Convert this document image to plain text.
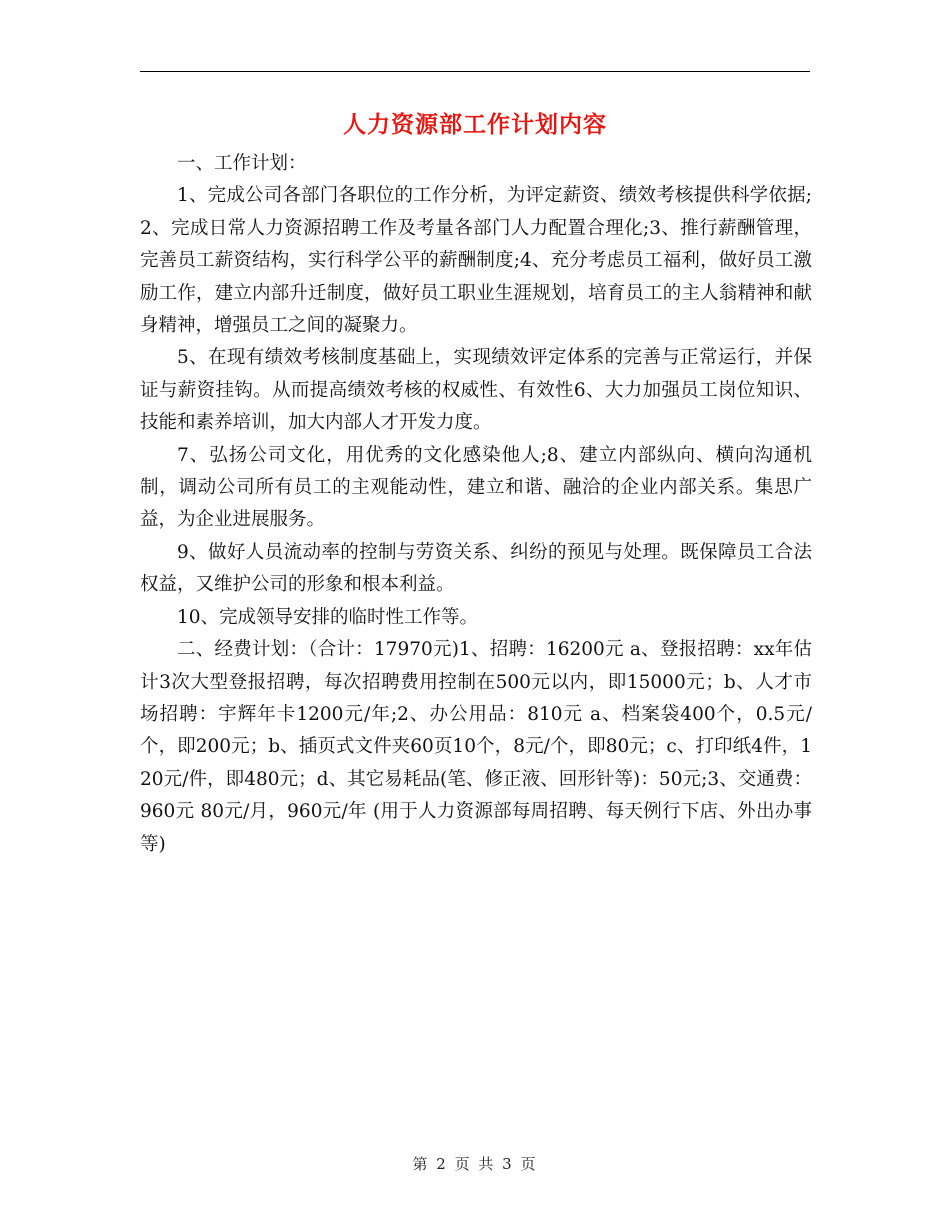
人力资源部工作计划内容

一、工作计划：

1、完成公司各部门各职位的工作分析，为评定薪资、绩效考核提供科学依据;2、完成日常人力资源招聘工作及考量各部门人力配置合理化;3、推行薪酬管理，完善员工薪资结构，实行科学公平的薪酬制度;4、充分考虑员工福利，做好员工激励工作，建立内部升迁制度，做好员工职业生涯规划，培育员工的主人翁精神和献身精神，增强员工之间的凝聚力。

5、在现有绩效考核制度基础上，实现绩效评定体系的完善与正常运行，并保证与薪资挂钩。从而提高绩效考核的权威性、有效性6、大力加强员工岗位知识、技能和素养培训，加大内部人才开发力度。

7、弘扬公司文化，用优秀的文化感染他人;8、建立内部纵向、横向沟通机制，调动公司所有员工的主观能动性，建立和谐、融洽的企业内部关系。集思广益，为企业进展服务。

9、做好人员流动率的控制与劳资关系、纠纷的预见与处理。既保障员工合法权益，又维护公司的形象和根本利益。

10、完成领导安排的临时性工作等。

二、经费计划：（合计：17970元)1、招聘：16200元 a、登报招聘：xx年估计3次大型登报招聘，每次招聘费用控制在500元以内，即15000元；b、人才市场招聘：宇辉年卡1200元/年;2、办公用品：810元 a、档案袋400个，0.5元/个，即200元；b、插页式文件夹60页10个，8元/个，即80元；c、打印纸4件，120元/件，即480元；d、其它易耗品(笔、修正液、回形针等)：50元;3、交通费：960元 80元/月，960元/年 (用于人力资源部每周招聘、每天例行下店、外出办事等)

第 2 页 共 3 页
